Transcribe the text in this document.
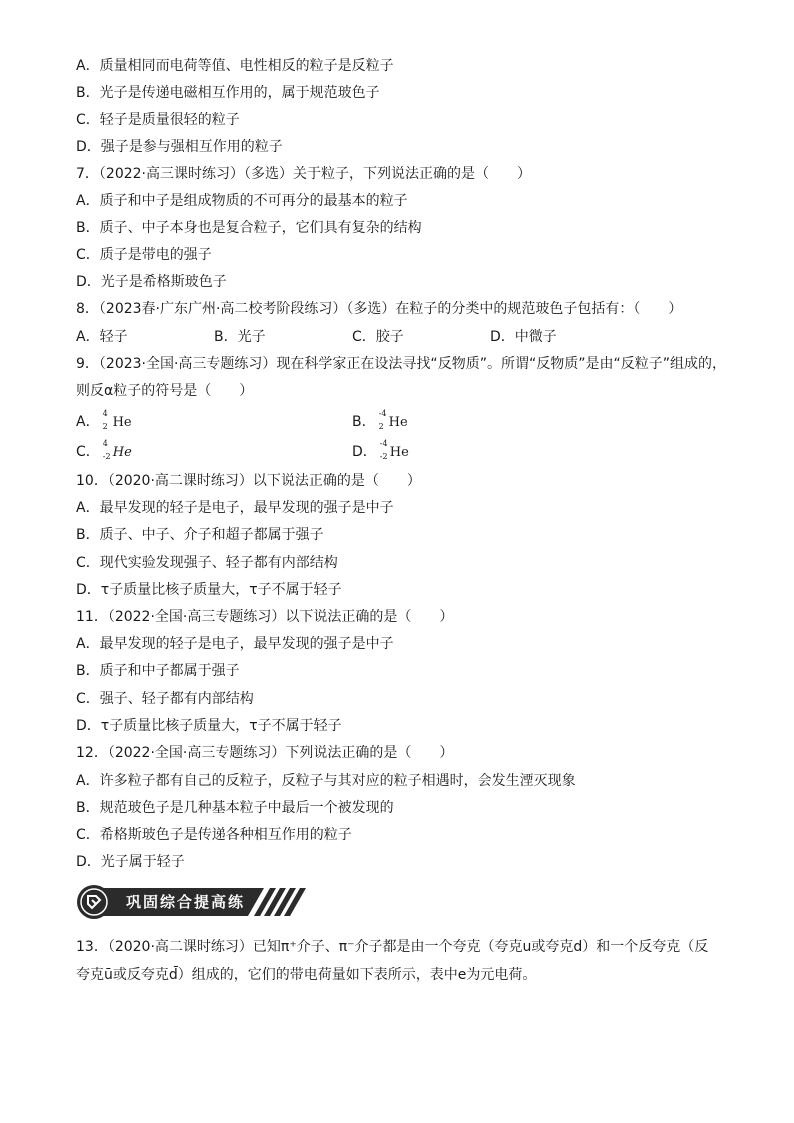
A．质量相同而电荷等值、电性相反的粒子是反粒子
B．光子是传递电磁相互作用的，属于规范玻色子
C．轻子是质量很轻的粒子
D．强子是参与强相互作用的粒子
7．（2022·高三课时练习）（多选）关于粒子，下列说法正确的是（　　）
A．质子和中子是组成物质的不可再分的最基本的粒子
B．质子、中子本身也是复合粒子，它们具有复杂的结构
C．质子是带电的强子
D．光子是希格斯玻色子
8．（2023春·广东广州·高二校考阶段练习）（多选）在粒子的分类中的规范玻色子包括有：（　　）
A．轻子	B．光子	C．胶子	D．中微子
9．（2023·全国·高三专题练习）现在科学家正在设法寻找“反物质”。所谓“反物质”是由“反粒子”组成的，
则反α粒子的符号是（　　）
A．
4
2 He	B．
-4
2 He
C．
4
-2 He	D．
-4
-2 He
10．（2020·高二课时练习）以下说法正确的是（　　）
A．最早发现的轻子是电子，最早发现的强子是中子
B．质子、中子、介子和超子都属于强子
C．现代实验发现强子、轻子都有内部结构
D．τ子质量比核子质量大，τ子不属于轻子
11．（2022·全国·高三专题练习）以下说法正确的是（　　）
A．最早发现的轻子是电子，最早发现的强子是中子
B．质子和中子都属于强子
C．强子、轻子都有内部结构
D．τ子质量比核子质量大，τ子不属于轻子
12．（2022·全国·高三专题练习）下列说法正确的是（　　）
A．许多粒子都有自己的反粒子，反粒子与其对应的粒子相遇时，会发生湮灭现象
B．规范玻色子是几种基本粒子中最后一个被发现的
C．希格斯玻色子是传递各种相互作用的粒子
D．光子属于轻子
巩固综合提高练
13．（2020·高二课时练习）已知π⁺介子、π⁻介子都是由一个夸克（夸克u或夸克d）和一个反夸克（反
夸克ū或反夸克d̄）组成的，它们的带电荷量如下表所示，表中e为元电荷。
